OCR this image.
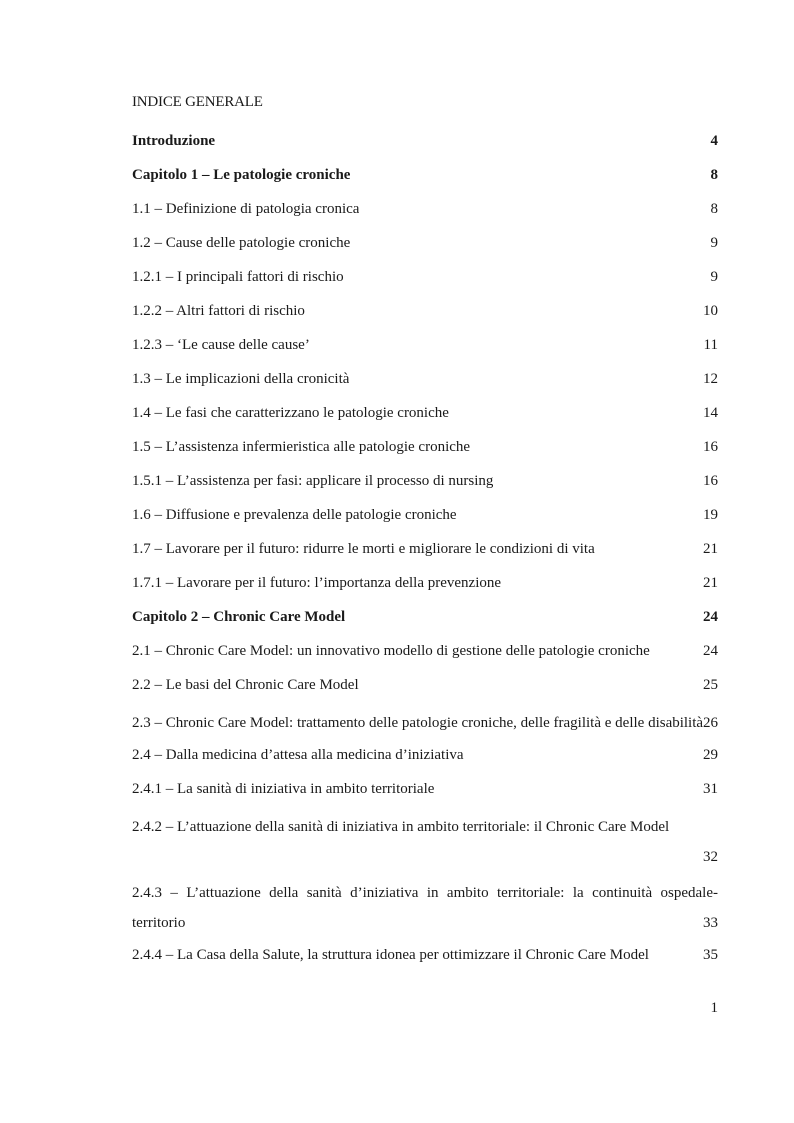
INDICE GENERALE
Introduzione	4
Capitolo 1 – Le patologie croniche	8
1.1 – Definizione di patologia cronica	8
1.2 – Cause delle patologie croniche	9
1.2.1 – I principali fattori di rischio	9
1.2.2 – Altri fattori di rischio	10
1.2.3 – ‘Le cause delle cause’	11
1.3 – Le implicazioni della cronicità	12
1.4 – Le fasi che caratterizzano le patologie croniche	14
1.5 – L’assistenza infermieristica alle patologie croniche	16
1.5.1 – L’assistenza per fasi: applicare il processo di nursing	16
1.6 – Diffusione e prevalenza delle patologie croniche	19
1.7 – Lavorare per il futuro: ridurre le morti e migliorare le condizioni di vita	21
1.7.1 – Lavorare per il futuro: l’importanza della prevenzione	21
Capitolo 2 – Chronic Care Model	24
2.1 – Chronic Care Model: un innovativo modello di gestione delle patologie croniche	24
2.2 – Le basi del Chronic Care Model	25
2.3 – Chronic Care Model: trattamento delle patologie croniche, delle fragilità e delle disabilità 26
2.4 – Dalla medicina d’attesa alla medicina d’iniziativa	29
2.4.1 – La sanità di iniziativa in ambito territoriale	31
2.4.2 – L’attuazione della sanità di iniziativa in ambito territoriale: il Chronic Care Model
32
2.4.3 – L’attuazione della sanità d’iniziativa in ambito territoriale: la continuità ospedale-territorio	33
2.4.4 – La Casa della Salute, la struttura idonea per ottimizzare il Chronic Care Model	35
1
